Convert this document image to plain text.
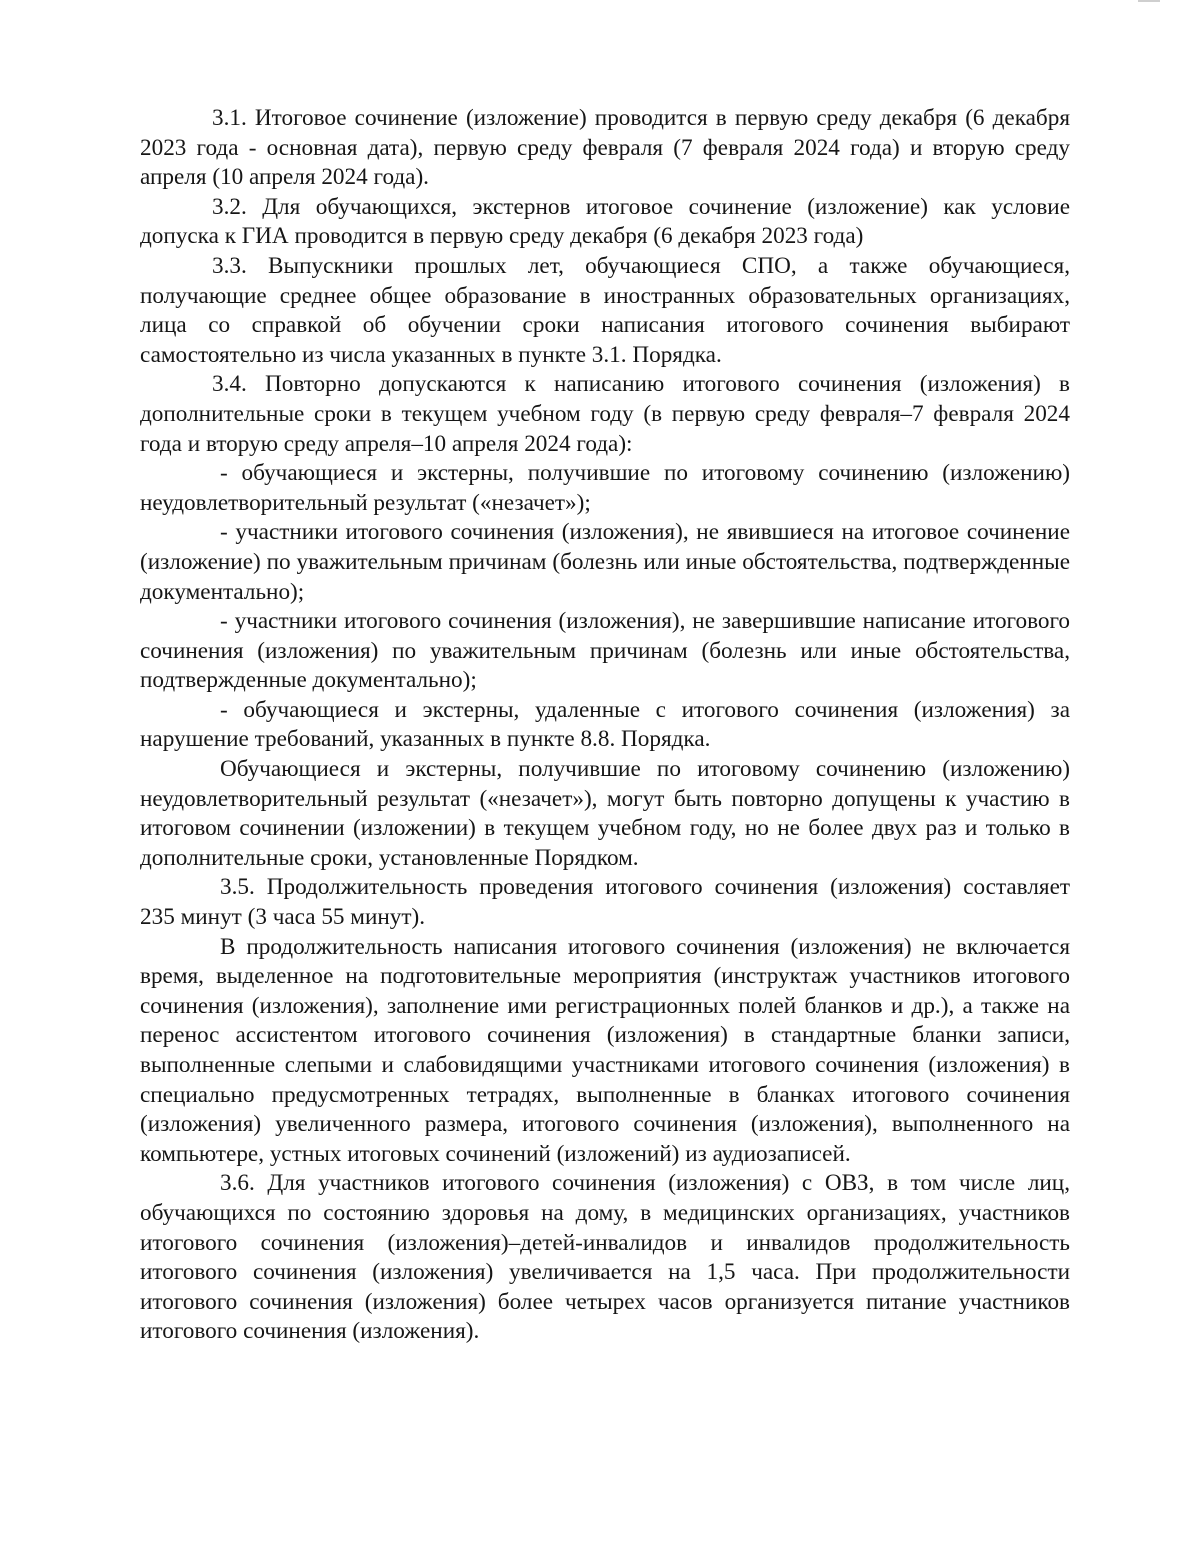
3.1. Итоговое сочинение (изложение) проводится в первую среду декабря (6 декабря 2023 года - основная дата), первую среду февраля (7 февраля 2024 года) и вторую среду апреля (10 апреля 2024 года).

3.2. Для обучающихся, экстернов итоговое сочинение (изложение) как условие допуска к ГИА проводится в первую среду декабря (6 декабря 2023 года)

3.3. Выпускники прошлых лет, обучающиеся СПО, а также обучающиеся, получающие среднее общее образование в иностранных образовательных организациях, лица со справкой об обучении сроки написания итогового сочинения выбирают самостоятельно из числа указанных в пункте 3.1. Порядка.

3.4. Повторно допускаются к написанию итогового сочинения (изложения) в дополнительные сроки в текущем учебном году (в первую среду февраля–7 февраля 2024 года и вторую среду апреля–10 апреля 2024 года):

- обучающиеся и экстерны, получившие по итоговому сочинению (изложению) неудовлетворительный результат («незачет»);

- участники итогового сочинения (изложения), не явившиеся на итоговое сочинение (изложение) по уважительным причинам (болезнь или иные обстоятельства, подтвержденные документально);

- участники итогового сочинения (изложения), не завершившие написание итогового сочинения (изложения) по уважительным причинам (болезнь или иные обстоятельства, подтвержденные документально);

- обучающиеся и экстерны, удаленные с итогового сочинения (изложения) за нарушение требований, указанных в пункте 8.8. Порядка.

Обучающиеся и экстерны, получившие по итоговому сочинению (изложению) неудовлетворительный результат («незачет»), могут быть повторно допущены к участию в итоговом сочинении (изложении) в текущем учебном году, но не более двух раз и только в дополнительные сроки, установленные Порядком.

3.5. Продолжительность проведения итогового сочинения (изложения) составляет 235 минут (3 часа 55 минут).

В продолжительность написания итогового сочинения (изложения) не включается время, выделенное на подготовительные мероприятия (инструктаж участников итогового сочинения (изложения), заполнение ими регистрационных полей бланков и др.), а также на перенос ассистентом итогового сочинения (изложения) в стандартные бланки записи, выполненные слепыми и слабовидящими участниками итогового сочинения (изложения) в специально предусмотренных тетрадях, выполненные в бланках итогового сочинения (изложения) увеличенного размера, итогового сочинения (изложения), выполненного на компьютере, устных итоговых сочинений (изложений) из аудиозаписей.

3.6. Для участников итогового сочинения (изложения) с ОВЗ, в том числе лиц, обучающихся по состоянию здоровья на дому, в медицинских организациях, участников итогового сочинения (изложения)–детей-инвалидов и инвалидов продолжительность итогового сочинения (изложения) увеличивается на 1,5 часа. При продолжительности итогового сочинения (изложения) более четырех часов организуется питание участников итогового сочинения (изложения).
